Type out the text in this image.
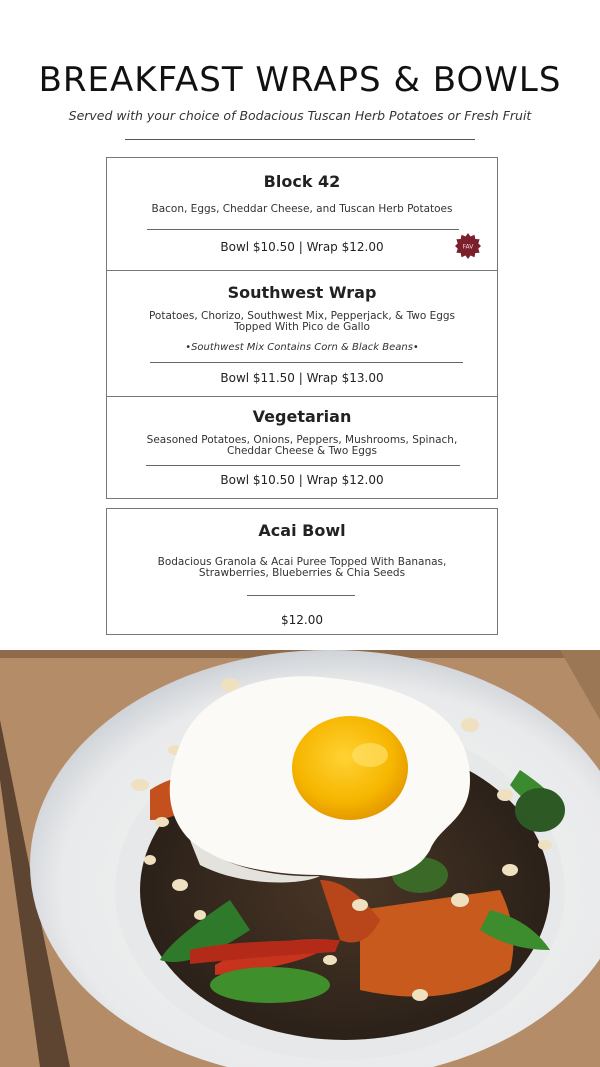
BREAKFAST WRAPS & BOWLS
Served with your choice of Bodacious Tuscan Herb Potatoes or Fresh Fruit
Block 42
Bacon, Eggs, Cheddar Cheese, and Tuscan Herb Potatoes
Bowl $10.50 | Wrap $12.00	FAV
Southwest Wrap
Potatoes, Chorizo, Southwest Mix, Pepperjack, & Two Eggs
Topped With Pico de Gallo
•Southwest Mix Contains Corn & Black Beans•
Bowl $11.50 | Wrap $13.00
Vegetarian
Seasoned Potatoes, Onions, Peppers, Mushrooms, Spinach,
Cheddar Cheese & Two Eggs
Bowl $10.50 | Wrap $12.00
Acai Bowl
Bodacious Granola & Acai Puree Topped With Bananas,
Strawberries, Blueberries & Chia Seeds
$12.00
